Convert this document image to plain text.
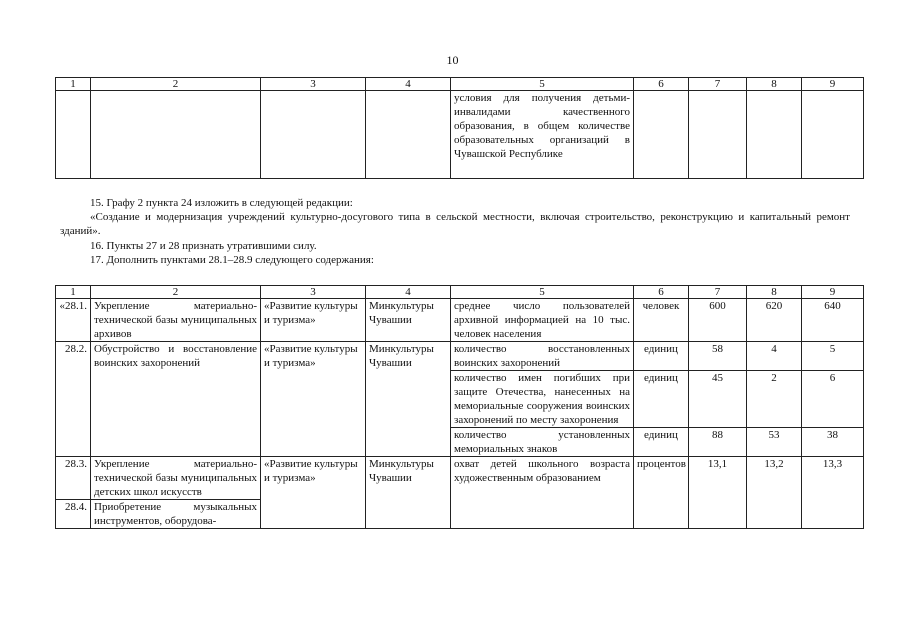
10
1	2	3	4	5	6	7	8	9
				условия для получения детьми-инвалидами качественного образования, в общем количестве образовательных организаций в Чувашской Республике				
15. Графу 2 пункта 24 изложить в следующей редакции:
«Создание и модернизация учреждений культурно-досугового типа в сельской местности, включая строительство, реконструкцию и капитальный ремонт зданий».
16. Пункты 27 и 28 признать утратившими силу.
17. Дополнить пунктами 28.1–28.9 следующего содержания:
1	2	3	4	5	6	7	8	9
«28.1.	Укрепление материально-технической базы муниципальных архивов	«Развитие культуры и туризма»	Минкультуры Чувашии	среднее число пользователей архивной информацией на 10 тыс. человек населения	человек	600	620	640
28.2.	Обустройство и восстановление воинских захоронений	«Развитие культуры и туризма»	Минкультуры Чувашии	количество восстановленных воинских захоронений	единиц	58	4	5
				количество имен погибших при защите Отечества, нанесенных на мемориальные сооружения воинских захоронений по месту захоронения	единиц	45	2	6
				количество установленных мемориальных знаков	единиц	88	53	38
28.3.	Укрепление материально-технической базы муниципальных детских школ искусств	«Развитие культуры и туризма»	Минкультуры Чувашии	охват детей школьного возраста художественным образованием	процентов	13,1	13,2	13,3
28.4.	Приобретение музыкальных инструментов, оборудова-							
